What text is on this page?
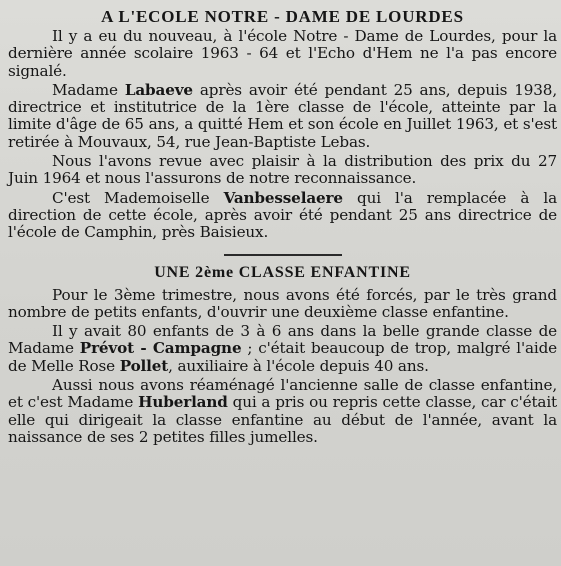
A L'ECOLE NOTRE - DAME DE LOURDES

Il y a eu du nouveau, à l'école Notre - Dame de Lourdes, pour la dernière année scolaire 1963 - 64 et l'Echo d'Hem ne l'a pas encore signalé.

Madame Labaeve après avoir été pendant 25 ans, depuis 1938, directrice et institutrice de la 1ère classe de l'école, atteinte par la limite d'âge de 65 ans, a quitté Hem et son école en Juillet 1963, et s'est retirée à Mouvaux, 54, rue Jean-Baptiste Lebas.

Nous l'avons revue avec plaisir à la distribution des prix du 27 Juin 1964 et nous l'assurons de notre reconnaissance.

C'est Mademoiselle Vanbesselaere qui l'a remplacée à la direction de cette école, après avoir été pendant 25 ans directrice de l'école de Camphin, près Baisieux.

UNE 2ème CLASSE ENFANTINE

Pour le 3ème trimestre, nous avons été forcés, par le très grand nombre de petits enfants, d'ouvrir une deuxième classe enfantine.

Il y avait 80 enfants de 3 à 6 ans dans la belle grande classe de Madame Prévot - Campagne ; c'était beaucoup de trop, malgré l'aide de Melle Rose Pollet, auxiliaire à l'école depuis 40 ans.

Aussi nous avons réaménagé l'ancienne salle de classe enfantine, et c'est Madame Huberland qui a pris ou repris cette classe, car c'était elle qui dirigeait la classe enfantine au début de l'année, avant la naissance de ses 2 petites filles jumelles.
